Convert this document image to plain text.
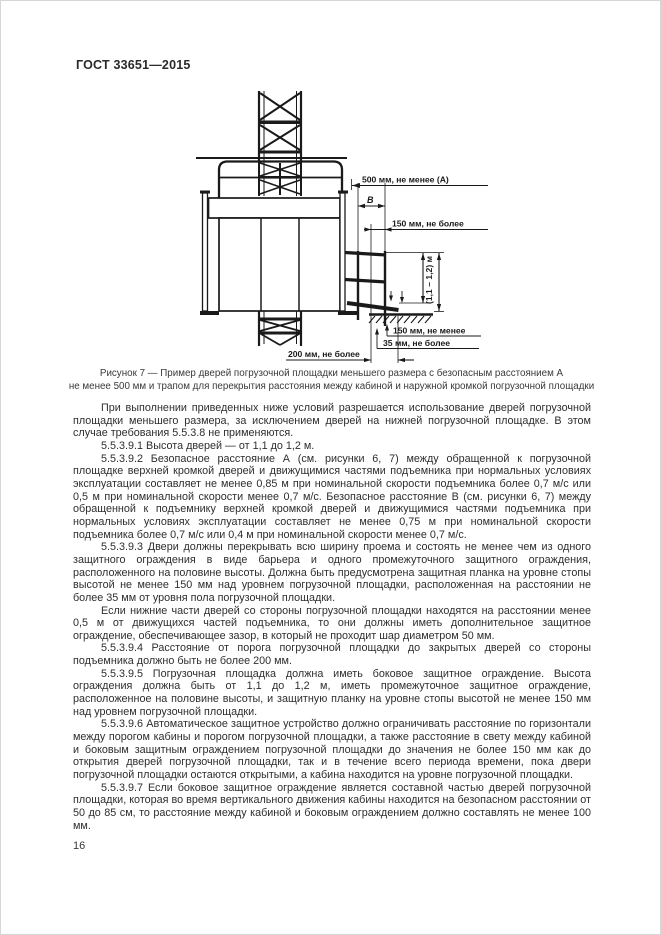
ГОСТ 33651—2015
500 мм, не менее (А)
В
150 мм, не более
(1,1 – 1,2) м
150 мм, не менее
35 мм, не более
200 мм, не более
Рисунок 7 — Пример дверей погрузочной площадки меньшего размера с безопасным расстоянием А
не менее 500 мм и трапом для перекрытия расстояния между кабиной и наружной кромкой погрузочной площадки

При выполнении приведенных ниже условий разрешается использование дверей погрузочной площадки меньшего размера, за исключением дверей на нижней погрузочной площадке. В этом случае требования 5.5.3.8 не применяются.

5.5.3.9.1 Высота дверей — от 1,1 до 1,2 м.

5.5.3.9.2 Безопасное расстояние А (см. рисунки 6, 7) между обращенной к погрузочной площадке верхней кромкой дверей и движущимися частями подъемника при нормальных условиях эксплуатации составляет не менее 0,85 м при номинальной скорости подъемника более 0,7 м/с или 0,5 м при номинальной скорости менее 0,7 м/с. Безопасное расстояние В (см. рисунки 6, 7) между обращенной к подъемнику верхней кромкой дверей и движущимися частями подъемника при нормальных условиях эксплуатации составляет не менее 0,75 м при номинальной скорости подъемника более 0,7 м/с или 0,4 м при номинальной скорости менее 0,7 м/с.

5.5.3.9.3 Двери должны перекрывать всю ширину проема и состоять не менее чем из одного защитного ограждения в виде барьера и одного промежуточного защитного ограждения, расположенного на половине высоты. Должна быть предусмотрена защитная планка на уровне стопы высотой не менее 150 мм над уровнем погрузочной площадки, расположенная на расстоянии не более 35 мм от уровня пола погрузочной площадки.

Если нижние части дверей со стороны погрузочной площадки находятся на расстоянии менее 0,5 м от движущихся частей подъемника, то они должны иметь дополнительное защитное ограждение, обеспечивающее зазор, в который не проходит шар диаметром 50 мм.

5.5.3.9.4 Расстояние от порога погрузочной площадки до закрытых дверей со стороны подъемника должно быть не более 200 мм.

5.5.3.9.5 Погрузочная площадка должна иметь боковое защитное ограждение. Высота ограждения должна быть от 1,1 до 1,2 м, иметь промежуточное защитное ограждение, расположенное на половине высоты, и защитную планку на уровне стопы высотой не менее 150 мм над уровнем погрузочной площадки.

5.5.3.9.6 Автоматическое защитное устройство должно ограничивать расстояние по горизонтали между порогом кабины и порогом погрузочной площадки, а также расстояние в свету между кабиной и боковым защитным ограждением погрузочной площадки до значения не более 150 мм как до открытия дверей погрузочной площадки, так и в течение всего периода времени, пока двери погрузочной площадки остаются открытыми, а кабина находится на уровне погрузочной площадки.

5.5.3.9.7 Если боковое защитное ограждение является составной частью дверей погрузочной площадки, которая во время вертикального движения кабины находится на безопасном расстоянии от 50 до 85 см, то расстояние между кабиной и боковым ограждением должно составлять не менее 100 мм.

16
